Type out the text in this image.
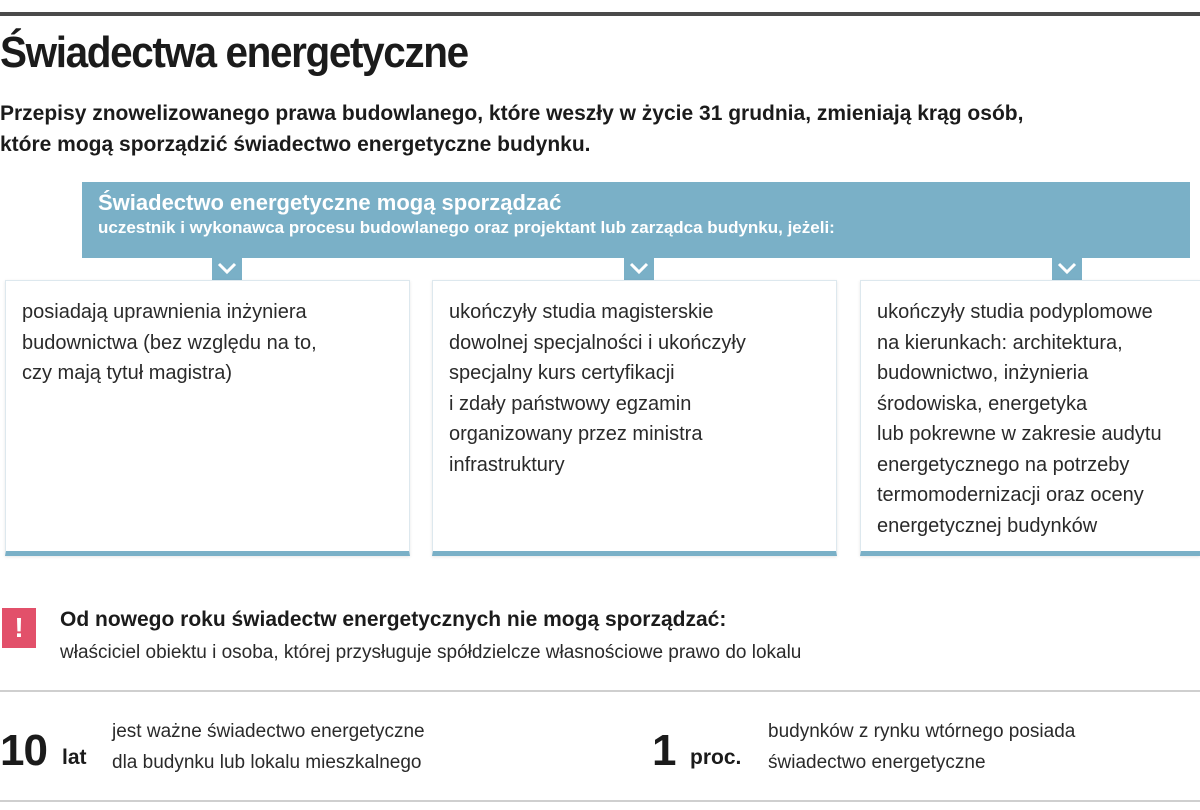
Świadectwa energetyczne

Przepisy znowelizowanego prawa budowlanego, które weszły w życie 31 grudnia, zmieniają krąg osób,
które mogą sporządzić świadectwo energetyczne budynku.

Świadectwo energetyczne mogą sporządzać
uczestnik i wykonawca procesu budowlanego oraz projektant lub zarządca budynku, jeżeli:
posiadają uprawnienia inżyniera
budownictwa (bez względu na to,
czy mają tytuł magistra)
ukończyły studia magisterskie
dowolnej specjalności i ukończyły
specjalny kurs certyfikacji
i zdały państwowy egzamin
organizowany przez ministra
infrastruktury
ukończyły studia podyplomowe
na kierunkach: architektura,
budownictwo, inżynieria
środowiska, energetyka
lub pokrewne w zakresie audytu
energetycznego na potrzeby
termomodernizacji oraz oceny
energetycznej budynków
!	Od nowego roku świadectw energetycznych nie mogą sporządzać:
właściciel obiektu i osoba, której przysługuje spółdzielcze własnościowe prawo do lokalu
10 lat
jest ważne świadectwo energetyczne
dla budynku lub lokalu mieszkalnego	1 proc.
budynków z rynku wtórnego posiada
świadectwo energetyczne
